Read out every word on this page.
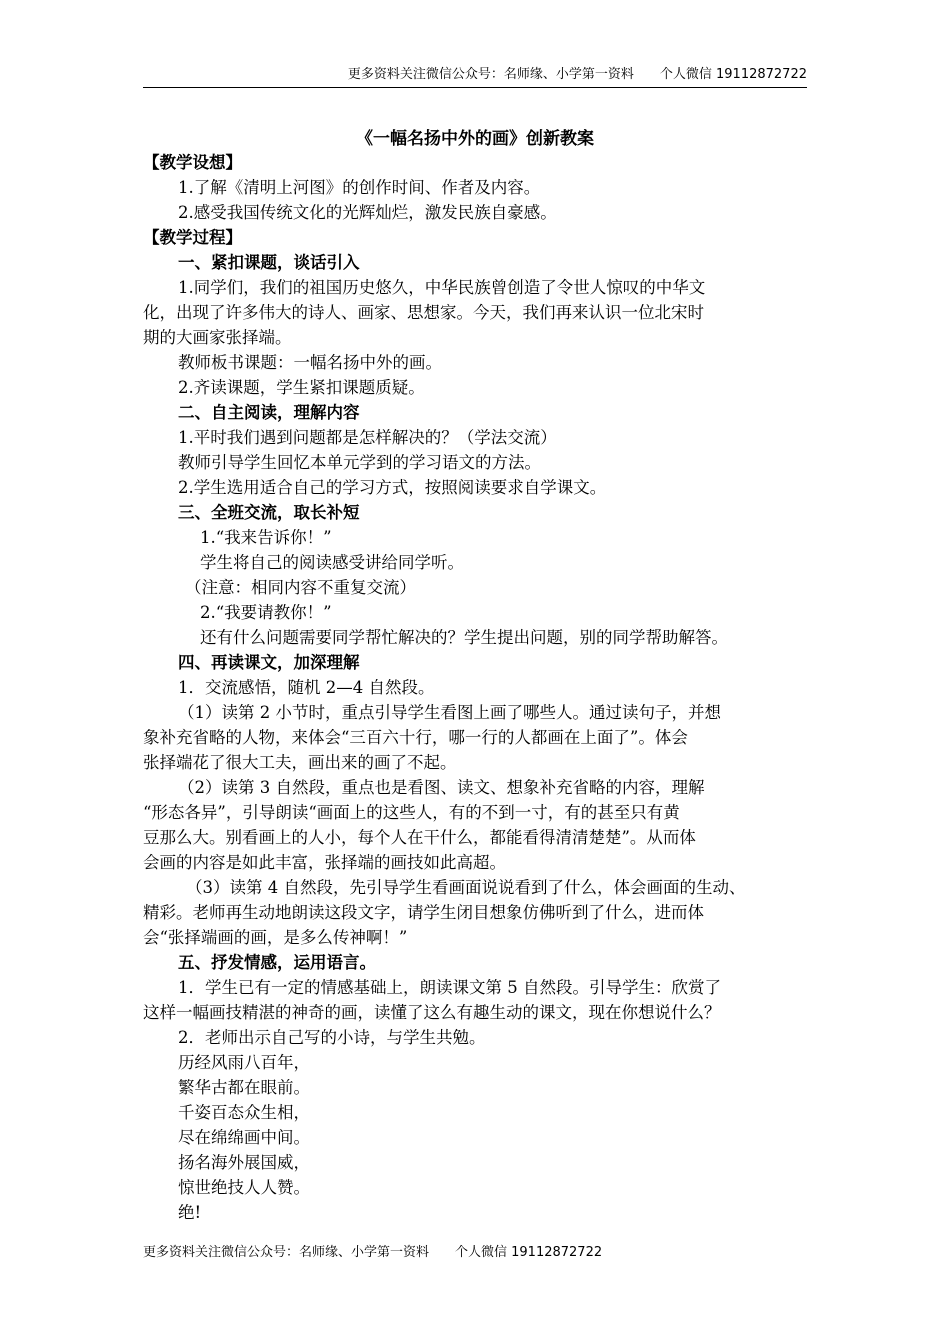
更多资料关注微信公众号：名师缘、小学第一资料　　个人微信 19112872722
《一幅名扬中外的画》创新教案
【教学设想】
1.了解《清明上河图》的创作时间、作者及内容。
2.感受我国传统文化的光辉灿烂，激发民族自豪感。
【教学过程】
一、紧扣课题，谈话引入
1.同学们，我们的祖国历史悠久，中华民族曾创造了令世人惊叹的中华文
化，出现了许多伟大的诗人、画家、思想家。今天，我们再来认识一位北宋时
期的大画家张择端。
教师板书课题：一幅名扬中外的画。
2.齐读课题，学生紧扣课题质疑。
二、自主阅读，理解内容
1.平时我们遇到问题都是怎样解决的？（学法交流）
教师引导学生回忆本单元学到的学习语文的方法。
2.学生选用适合自己的学习方式，按照阅读要求自学课文。
三、全班交流，取长补短
1.“我来告诉你！”
学生将自己的阅读感受讲给同学听。
（注意：相同内容不重复交流）
2.“我要请教你！”
还有什么问题需要同学帮忙解决的？学生提出问题，别的同学帮助解答。
四、再读课文，加深理解
1．交流感悟，随机 2—4 自然段。
（1）读第 2 小节时，重点引导学生看图上画了哪些人。通过读句子，并想
象补充省略的人物，来体会“三百六十行，哪一行的人都画在上面了”。体会
张择端花了很大工夫，画出来的画了不起。
（2）读第 3 自然段，重点也是看图、读文、想象补充省略的内容，理解
“形态各异”，引导朗读“画面上的这些人，有的不到一寸，有的甚至只有黄
豆那么大。别看画上的人小，每个人在干什么，都能看得清清楚楚”。从而体
会画的内容是如此丰富，张择端的画技如此高超。
（3）读第 4 自然段，先引导学生看画面说说看到了什么，体会画面的生动、
精彩。老师再生动地朗读这段文字，请学生闭目想象仿佛听到了什么，进而体
会“张择端画的画，是多么传神啊！”
五、抒发情感，运用语言。
1．学生已有一定的情感基础上，朗读课文第 5 自然段。引导学生：欣赏了
这样一幅画技精湛的神奇的画，读懂了这么有趣生动的课文，现在你想说什么？
2．老师出示自己写的小诗，与学生共勉。
历经风雨八百年，
繁华古都在眼前。
千姿百态众生相，
尽在绵绵画中间。
扬名海外展国威，
惊世绝技人人赞。
绝!
更多资料关注微信公众号：名师缘、小学第一资料　　个人微信 19112872722
